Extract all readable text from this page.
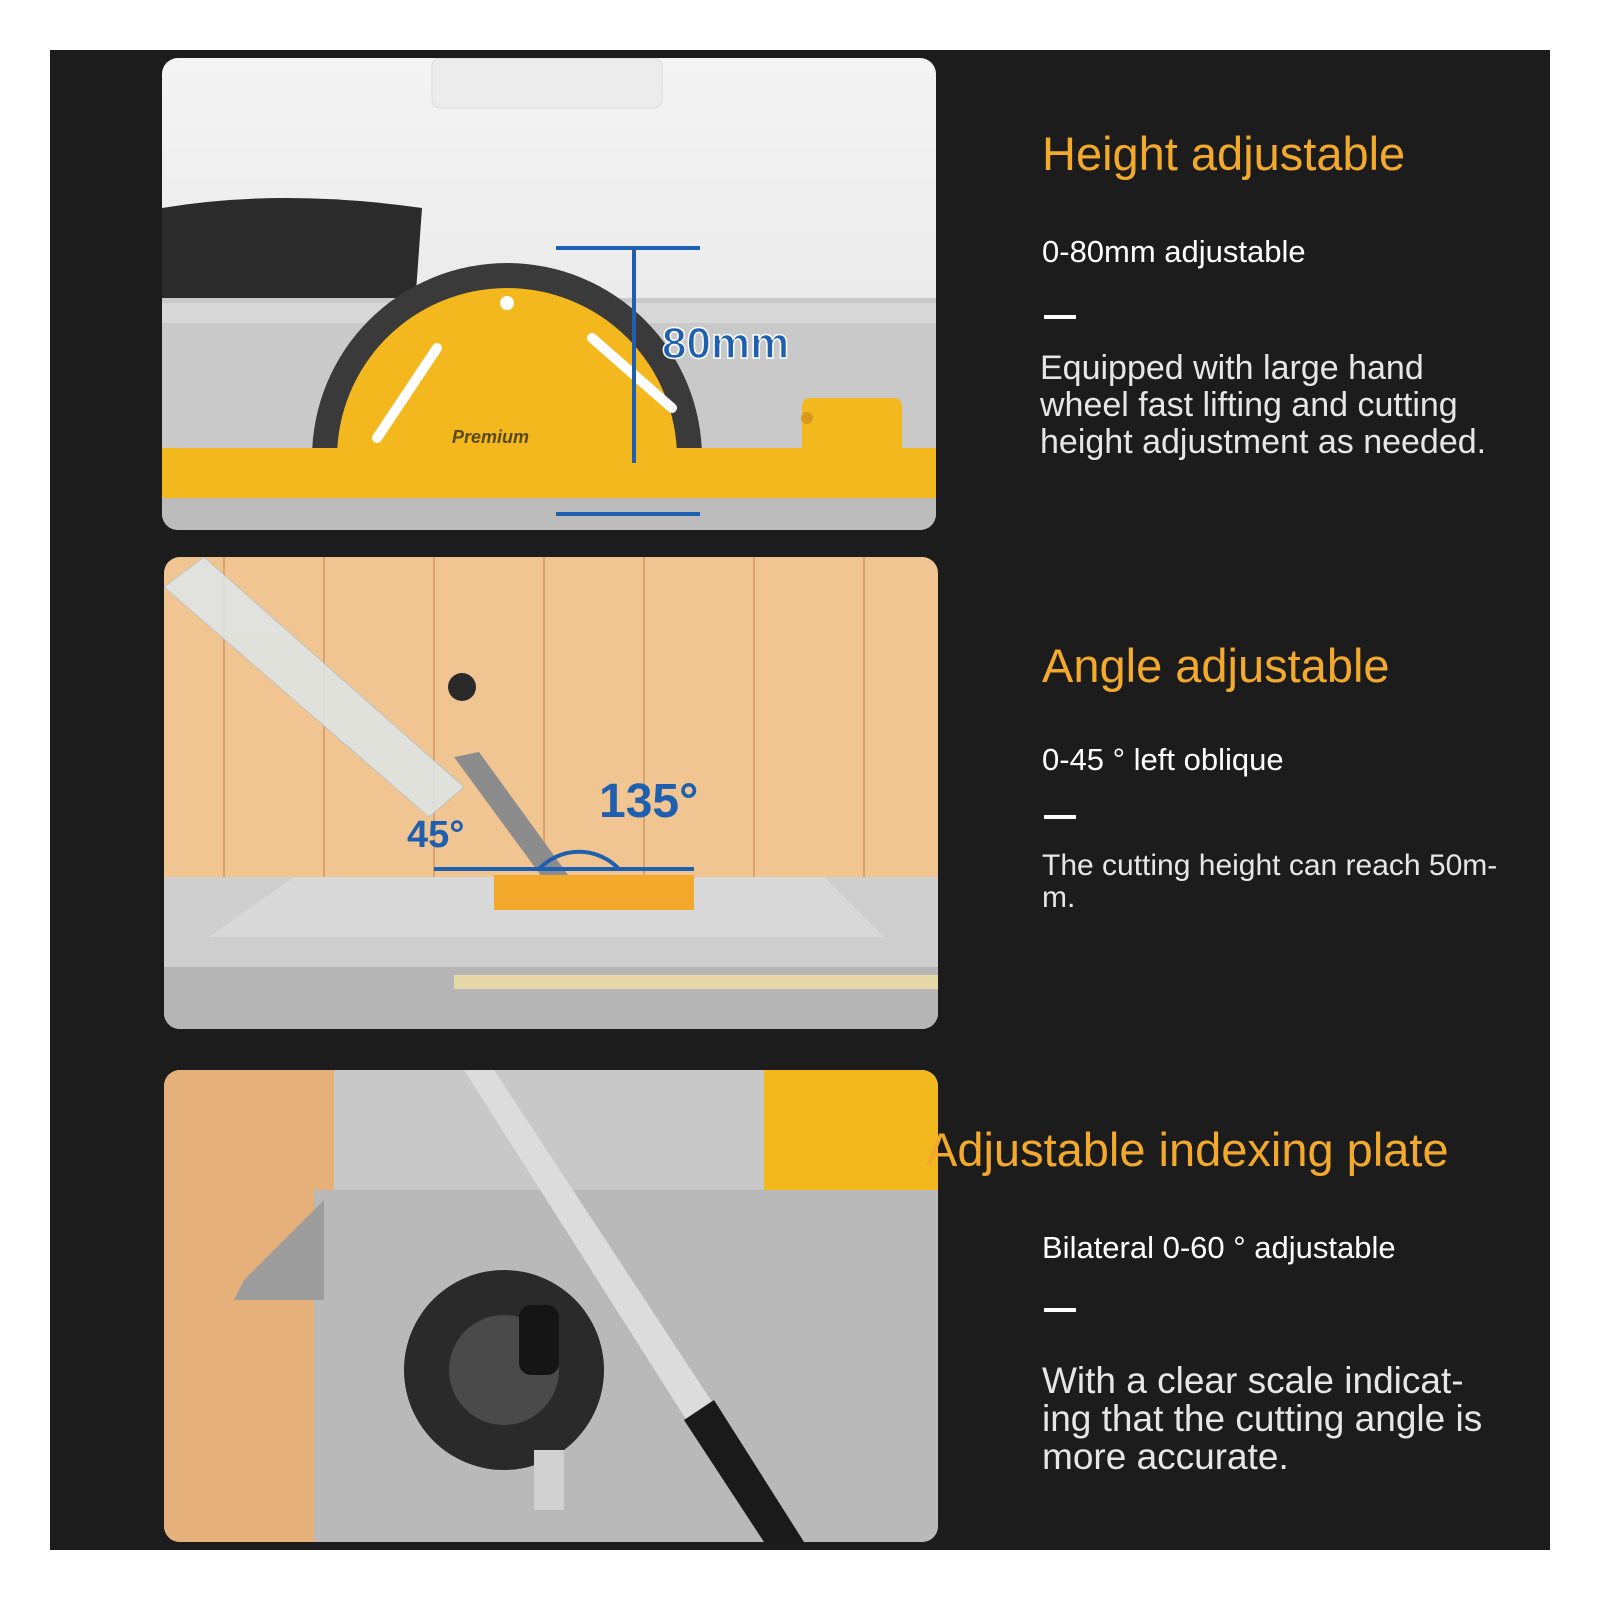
Premium
80mm
45°
135°
Height adjustable
0-80mm adjustable
Equipped with large hand wheel fast lifting and cutting height adjustment as needed.
Angle adjustable
0-45 ° left oblique
The cutting height can reach 50m-m.
Adjustable indexing plate
Bilateral 0-60 ° adjustable
With a clear scale indicat-ing that the cutting angle is more accurate.
